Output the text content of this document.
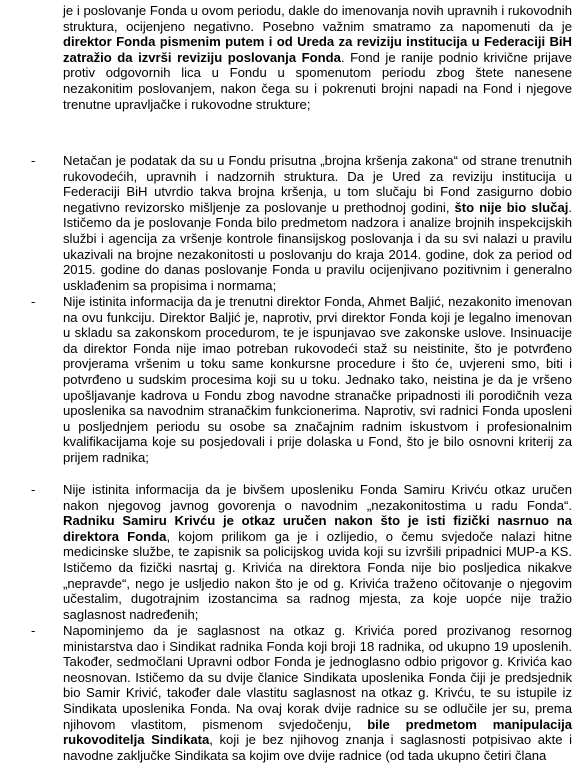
je i poslovanje Fonda u ovom periodu, dakle do imenovanja novih upravnih i rukovodnih struktura, ocijenjeno negativno. Posebno važnim smatramo za napomenuti da je direktor Fonda pismenim putem i od Ureda za reviziju institucija u Federaciji BiH zatražio da izvrši reviziju poslovanja Fonda. Fond je ranije podnio krivične prijave protiv odgovornih lica u Fondu u spomenutom periodu zbog štete nanesene nezakonitim poslovanjem, nakon čega su i pokrenuti brojni napadi na Fond i njegove trenutne upravljačke i rukovodne strukture;

- Netačan je podatak da su u Fondu prisutna „brojna kršenja zakona“ od strane trenutnih rukovodećih, upravnih i nadzornih struktura. Da je Ured za reviziju institucija u Federaciji BiH utvrdio takva brojna kršenja, u tom slučaju bi Fond zasigurno dobio negativno revizorsko mišljenje za poslovanje u prethodnoj godini, što nije bio slučaj. Ističemo da je poslovanje Fonda bilo predmetom nadzora i analize brojnih inspekcijskih službi i agencija za vršenje kontrole finansijskog poslovanja i da su svi nalazi u pravilu ukazivali na brojne nezakonitosti u poslovanju do kraja 2014. godine, dok za period od 2015. godine do danas poslovanje Fonda u pravilu ocijenjivano pozitivnim i generalno usklađenim sa propisima i normama;

- Nije istinita informacija da je trenutni direktor Fonda, Ahmet Baljić, nezakonito imenovan na ovu funkciju. Direktor Baljić je, naprotiv, prvi direktor Fonda koji je legalno imenovan u skladu sa zakonskom procedurom, te je ispunjavao sve zakonske uslove. Insinuacije da direktor Fonda nije imao potreban rukovodeći staž su neistinite, što je potvrđeno provjerama vršenim u toku same konkursne procedure i što će, uvjereni smo, biti i potvrđeno u sudskim procesima koji su u toku. Jednako tako, neistina je da je vršeno upošljavanje kadrova u Fondu zbog navodne stranačke pripadnosti ili porodičnih veza uposlenika sa navodnim stranačkim funkcionerima. Naprotiv, svi radnici Fonda uposleni u posljednjem periodu su osobe sa značajnim radnim iskustvom i profesionalnim kvalifikacijama koje su posjedovali i prije dolaska u Fond, što je bilo osnovni kriterij za prijem radnika;

- Nije istinita informacija da je bivšem uposleniku Fonda Samiru Krivću otkaz uručen nakon njegovog javnog govorenja o navodnim „nezakonitostima u radu Fonda“. Radniku Samiru Krivću je otkaz uručen nakon što je isti fizički nasrnuo na direktora Fonda, kojom prilikom ga je i ozlijedio, o čemu svjedoče nalazi hitne medicinske službe, te zapisnik sa policijskog uvida koji su izvršili pripadnici MUP-a KS. Ističemo da fizički nasrtaj g. Krivića na direktora Fonda nije bio posljedica nikakve „nepravde“, nego je usljedio nakon što je od g. Krivića traženo očitovanje o njegovim učestalim, dugotrajnim izostancima sa radnog mjesta, za koje uopće nije tražio saglasnost nadređenih;

- Napominjemo da je saglasnost na otkaz g. Krivića pored prozivanog resornog ministarstva dao i Sindikat radnika Fonda koji broji 18 radnika, od ukupno 19 uposlenih. Također, sedmočlani Upravni odbor Fonda je jednoglasno odbio prigovor g. Krivića kao neosnovan. Ističemo da su dvije članice Sindikata uposlenika Fonda čiji je predsjednik bio Samir Krivić, također dale vlastitu saglasnost na otkaz g. Krivću, te su istupile iz Sindikata uposlenika Fonda. Na ovaj korak dvije radnice su se odlučile jer su, prema njihovom vlastitom, pismenom svjedočenju, bile predmetom manipulacija rukovoditelja Sindikata, koji je bez njihovog znanja i saglasnosti potpisivao akte i navodne zaključke Sindikata sa kojim ove dvije radnice (od tada ukupno četiri člana
